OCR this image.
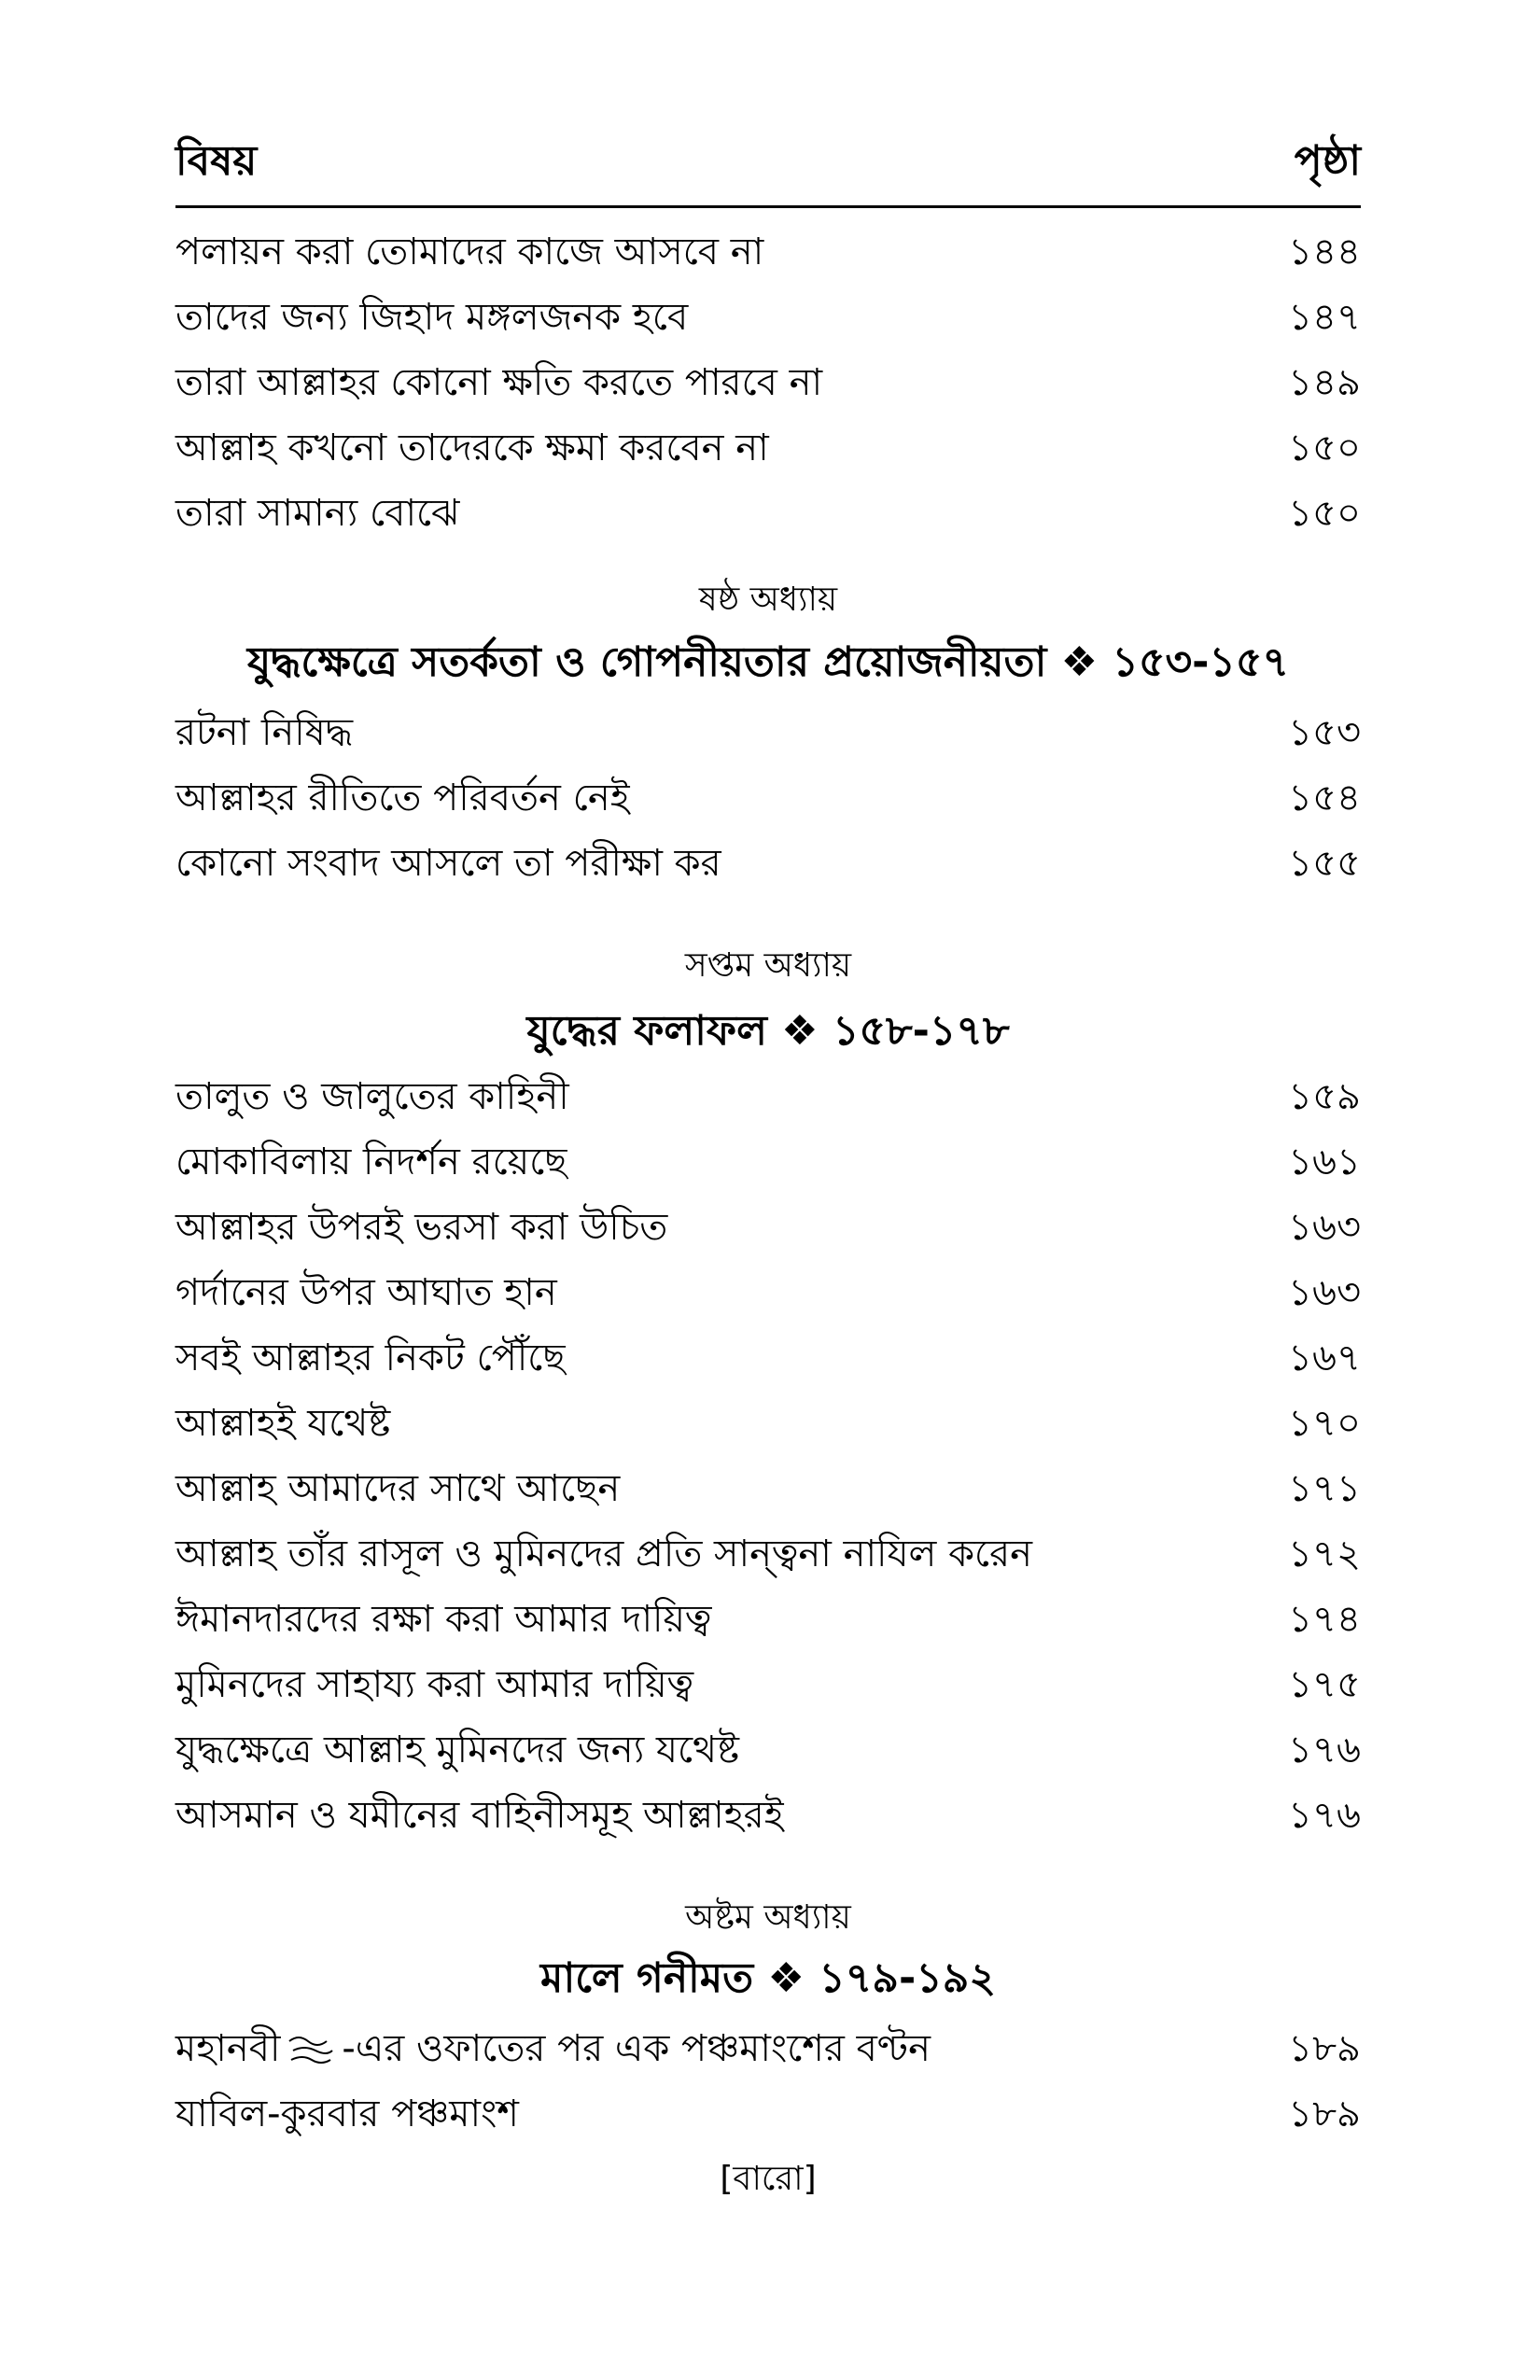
বিষয়	পৃষ্ঠা
পলায়ন করা তোমাদের কাজে আসবে না	১৪৪
তাদের জন্য জিহাদ মঙ্গলজনক হবে	১৪৭
তারা আল্লাহর কোনো ক্ষতি করতে পারবে না	১৪৯
আল্লাহ কখনো তাদেরকে ক্ষমা করবেন না	১৫০
তারা সামান্য বোঝে	১৫০
ষষ্ঠ অধ্যায়
যুদ্ধক্ষেত্রে সতর্কতা ও গোপনীয়তার প্রয়োজনীয়তা ❖ ১৫৩-১৫৭
রটনা নিষিদ্ধ	১৫৩
আল্লাহর রীতিতে পরিবর্তন নেই	১৫৪
কোনো সংবাদ আসলে তা পরীক্ষা কর	১৫৫
সপ্তম অধ্যায়
যুদ্ধের ফলাফল ❖ ১৫৮-১৭৮
তালুত ও জালুতের কাহিনী	১৫৯
মোকাবিলায় নিদর্শন রয়েছে	১৬১
আল্লাহর উপরই ভরসা করা উচিত	১৬৩
গর্দানের উপর আঘাত হান	১৬৩
সবই আল্লাহর নিকট পৌঁছে	১৬৭
আল্লাহই যথেষ্ট	১৭০
আল্লাহ আমাদের সাথে আছেন	১৭১
আল্লাহ তাঁর রাসূল ও মুমিনদের প্রতি সান্ত্বনা নাযিল করেন	১৭২
ঈমানদারদের রক্ষা করা আমার দায়িত্ব	১৭৪
মুমিনদের সাহায্য করা আমার দায়িত্ব	১৭৫
যুদ্ধক্ষেত্রে আল্লাহ মুমিনদের জন্য যথেষ্ট	১৭৬
আসমান ও যমীনের বাহিনীসমূহ আল্লাহরই	১৭৬
অষ্টম অধ্যায়
মালে গনীমত ❖ ১৭৯-১৯২
মহানবী -এর ওফাতের পর এক পঞ্চমাংশের বণ্টন	১৮৯
যাবিল-কুরবার পঞ্চমাংশ	১৮৯
[বারো]
